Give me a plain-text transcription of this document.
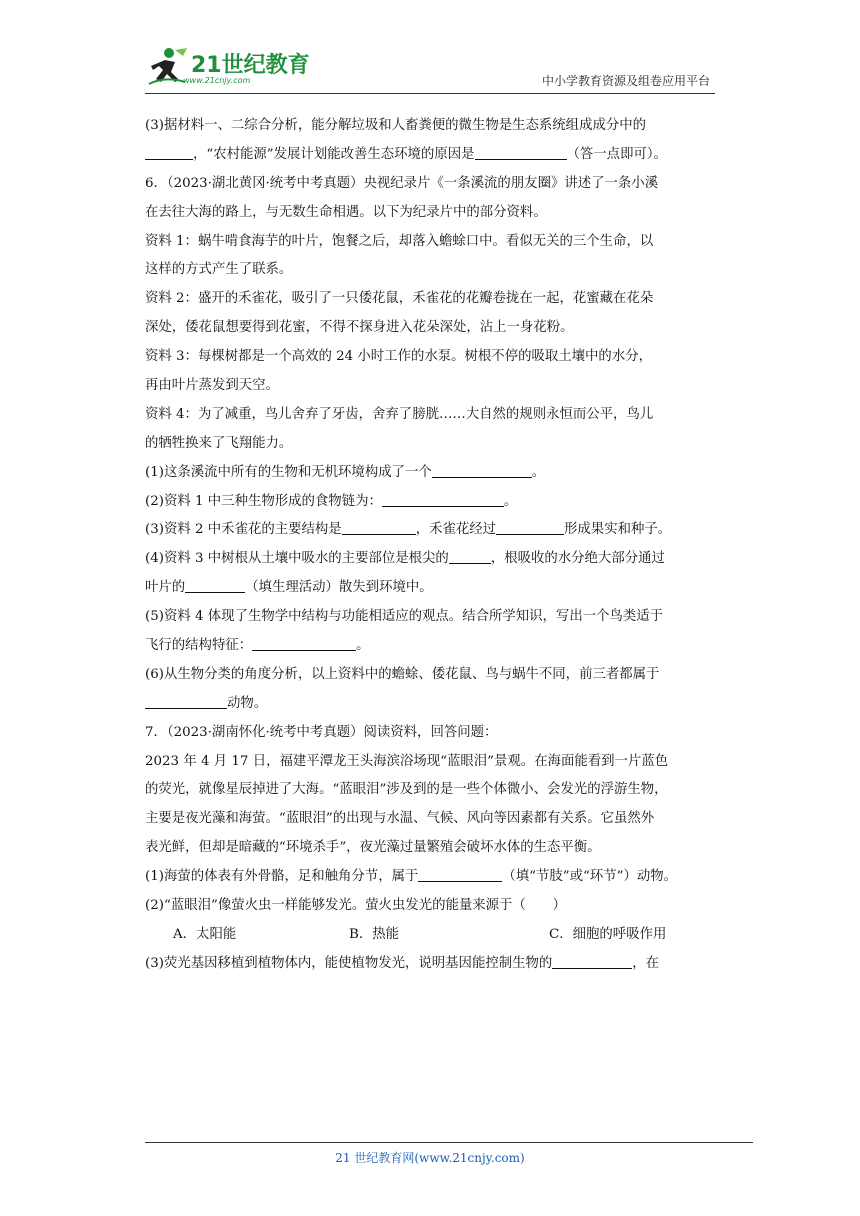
21世纪教育
www.21cnjy.com	中小学教育资源及组卷应用平台
(3)据材料一、二综合分析，能分解垃圾和人畜粪便的微生物是生态系统组成成分中的
，“农村能源”发展计划能改善生态环境的原因是	（答一点即可）。
6．（2023·湖北黄冈·统考中考真题）央视纪录片《一条溪流的朋友圈》讲述了一条小溪
在去往大海的路上，与无数生命相遇。以下为纪录片中的部分资料。
资料 1：蜗牛啃食海芋的叶片，饱餐之后，却落入蟾蜍口中。看似无关的三个生命，以
这样的方式产生了联系。
资料 2：盛开的禾雀花，吸引了一只倭花鼠，禾雀花的花瓣卷拢在一起，花蜜藏在花朵
深处，倭花鼠想要得到花蜜，不得不探身进入花朵深处，沾上一身花粉。
资料 3：每棵树都是一个高效的 24 小时工作的水泵。树根不停的吸取土壤中的水分，
再由叶片蒸发到天空。
资料 4：为了减重，鸟儿舍弃了牙齿，舍弃了膀胱……大自然的规则永恒而公平，鸟儿
的牺牲换来了飞翔能力。
(1)这条溪流中所有的生物和无机环境构成了一个	。
(2)资料 1 中三种生物形成的食物链为：	。
(3)资料 2 中禾雀花的主要结构是	，禾雀花经过	形成果实和种子。
(4)资料 3 中树根从土壤中吸水的主要部位是根尖的	，根吸收的水分绝大部分通过
叶片的	（填生理活动）散失到环境中。
(5)资料 4 体现了生物学中结构与功能相适应的观点。结合所学知识，写出一个鸟类适于
飞行的结构特征：	。
(6)从生物分类的角度分析，以上资料中的蟾蜍、倭花鼠、鸟与蜗牛不同，前三者都属于
动物。
7．（2023·湖南怀化·统考中考真题）阅读资料，回答问题：
2023 年 4 月 17 日，福建平潭龙王头海滨浴场现“蓝眼泪”景观。在海面能看到一片蓝色
的荧光，就像星辰掉进了大海。“蓝眼泪”涉及到的是一些个体微小、会发光的浮游生物，
主要是夜光藻和海萤。“蓝眼泪”的出现与水温、气候、风向等因素都有关系。它虽然外
表光鲜，但却是暗藏的“环境杀手”，夜光藻过量繁殖会破坏水体的生态平衡。
(1)海萤的体表有外骨骼，足和触角分节，属于	（填“节肢”或“环节”）动物。
(2)“蓝眼泪”像萤火虫一样能够发光。萤火虫发光的能量来源于（　　）
A．太阳能	B．热能	C．细胞的呼吸作用
(3)荧光基因移植到植物体内，能使植物发光，说明基因能控制生物的	，在
21 世纪教育网(www.21cnjy.com)
